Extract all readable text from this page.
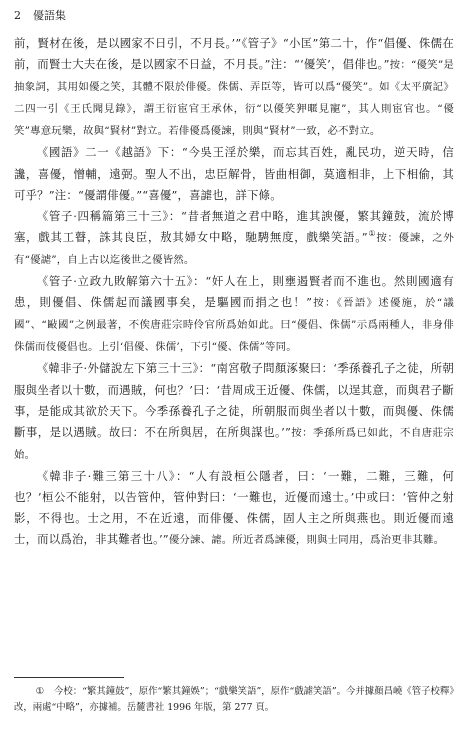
2 優語集

前，賢材在後，是以國家不日引，不月長。’”《管子》“小匡”第二十，作“倡優、侏儒在前，而賢士大夫在後，是以國家不日益，不月長。”注：“‘優笑’，倡俳也。”按：“優笑”是抽象詞，其用如優之笑，其體不限於俳優。侏儒、弄臣等，皆可以爲“優笑”。如《太平廣記》二四一引《王氏聞見錄》，謂王衍宦官王承休，衍“以優笑狎暱見寵”，其人則宦官也。“優笑”專意玩樂，故與“賢材”對立。若俳優爲優諫，則與“賢材”一致，必不對立。

《國語》二一《越語》下：“今吳王淫於樂，而忘其百姓，亂民功，逆天時，信讒，喜優，憎輔，遠弼。聖人不出，忠臣解骨，皆曲相御，莫適相非，上下相偷，其可乎？”注：“優謂俳優。”“喜優”，喜謔也，詳下條。

《管子·四稱篇第三十三》：“昔者無道之君中略，進其諛優，繁其鐘鼓，流於博塞，戲其工瞽，誅其良臣，敖其婦女中略，馳騁無度，戲樂笑語。”①按：優諫，之外有“優謔”，自上古以迄後世之優皆然。

《管子·立政九敗解第六十五》：“奸人在上，則壅遏賢者而不進也。然則國適有患，則優倡、侏儒起而議國事矣，是驅國而捐之也！”按：《晉語》述優施，於“議國”、“敺國”之例最著，不俟唐莊宗時伶官所爲始如此。曰“優倡、侏儒”示爲兩種人，非身俳侏儒而伎優倡也。上引‘倡優、侏儒’，下引“優、侏儒”等同。

《韓非子·外儲說左下第三十三》：“南宮敬子問顏涿聚曰：‘季孫養孔子之徒，所朝服與坐者以十數，而遇賊，何也？’曰：‘昔周成王近優、侏儒，以逞其意，而與君子斷事，是能成其欲於天下。今季孫養孔子之徒，所朝服而與坐者以十數，而與優、侏儒斷事，是以遇賊。故曰：不在所與居，在所與謀也。’”按：季孫所爲已如此，不自唐莊宗始。

《韓非子·難三第三十八》：“人有設桓公隱者，曰：‘一難，二難，三難，何也？’桓公不能射，以告管仲，管仲對曰：‘一難也，近優而遠士。’中或曰：‘管仲之射影，不得也。士之用，不在近遠，而俳優、侏儒，固人主之所與燕也。則近優而遠士，而以爲治，非其難者也。’”優分諫、謔。所近者爲諫優，則與士同用，爲治更非其難。

① 今校：“繁其鐘鼓”，原作“繁其鐘娛”；“戲樂笑語”，原作“戲謔笑語”。今并據顏昌嶢《管子校釋》改，兩處“中略”，亦據補。岳麓書社 1996 年版，第 277 頁。
